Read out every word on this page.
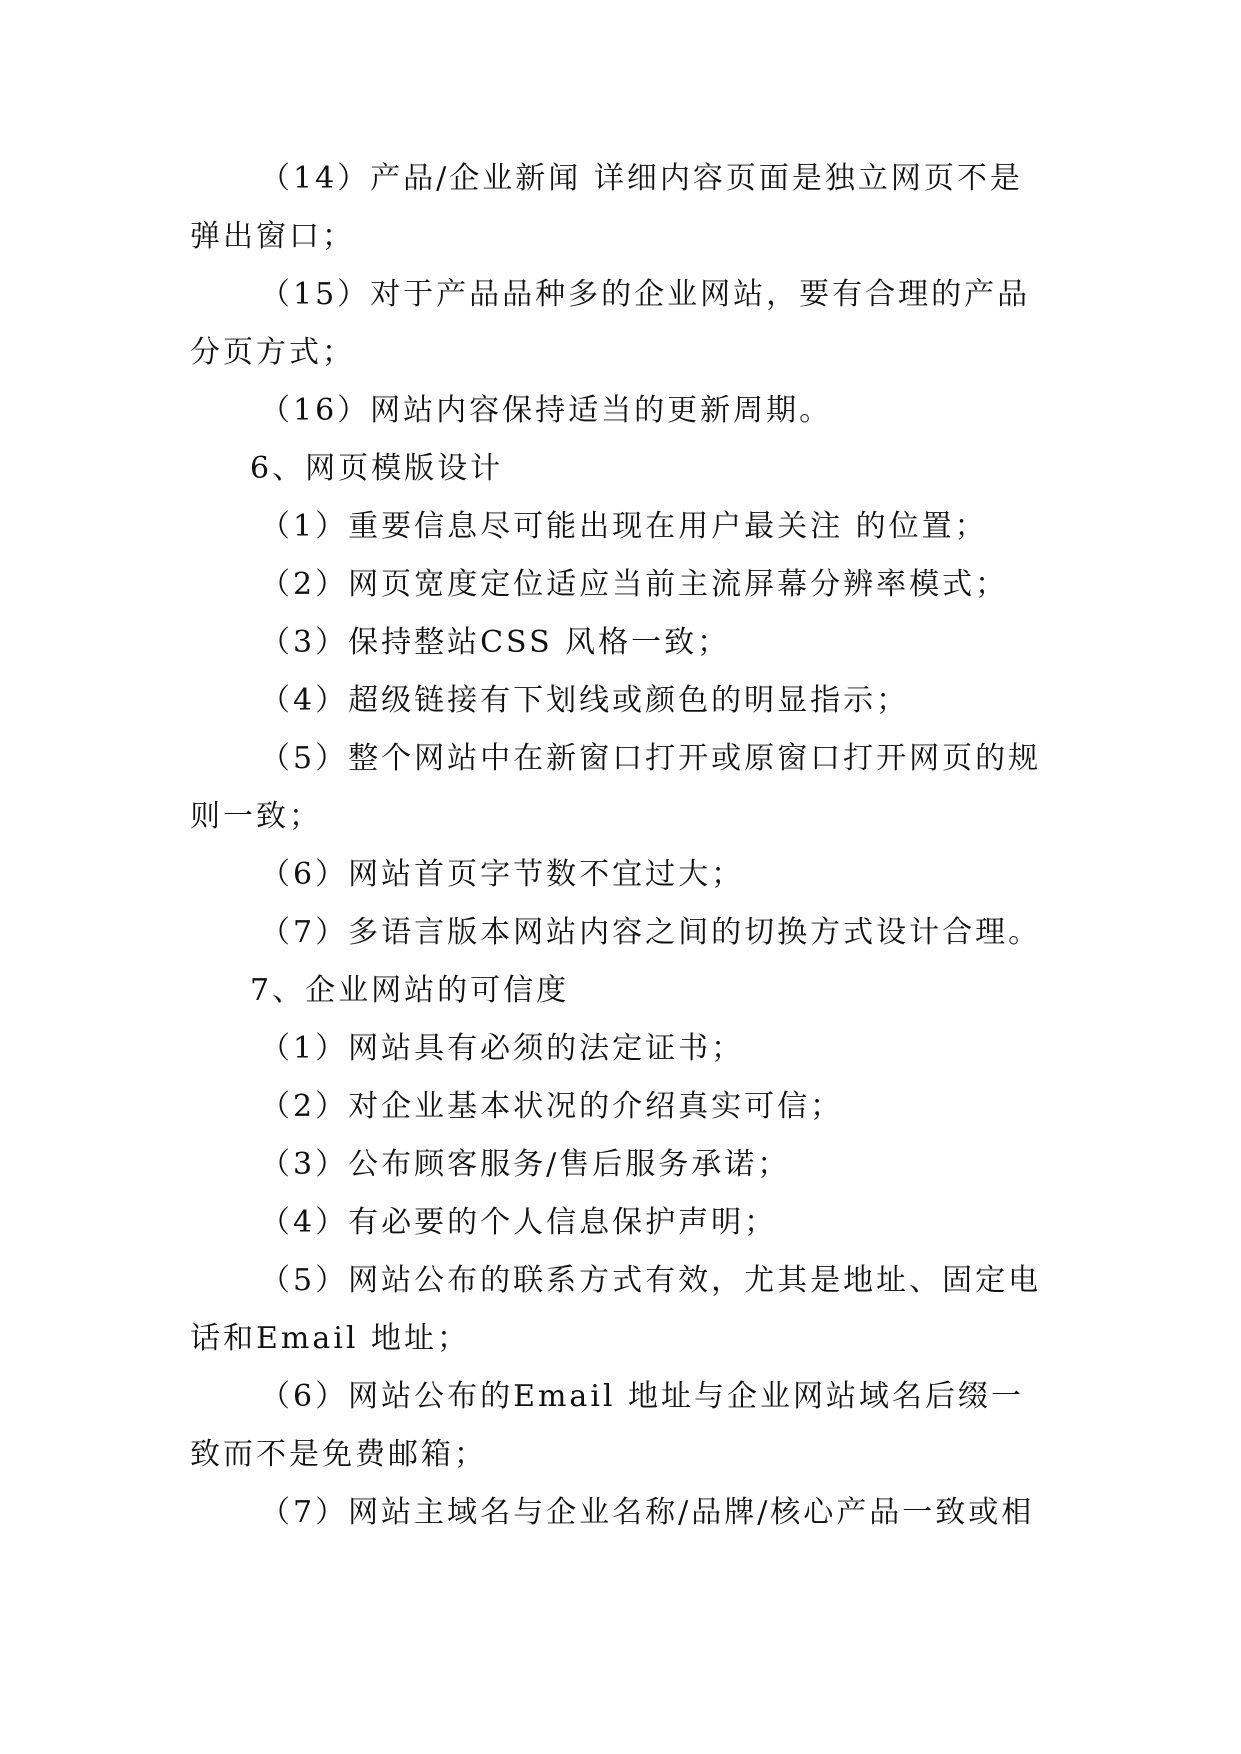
（14）产品/企业新闻 详细内容页面是独立网页不是弹出窗口；

（15）对于产品品种多的企业网站，要有合理的产品分页方式；

（16）网站内容保持适当的更新周期。

6、网页模版设计

（1）重要信息尽可能出现在用户最关注 的位置；

（2）网页宽度定位适应当前主流屏幕分辨率模式；

（3）保持整站CSS 风格一致；

（4）超级链接有下划线或颜色的明显指示；

（5）整个网站中在新窗口打开或原窗口打开网页的规则一致；

（6）网站首页字节数不宜过大；

（7）多语言版本网站内容之间的切换方式设计合理。

7、企业网站的可信度

（1）网站具有必须的法定证书；

（2）对企业基本状况的介绍真实可信；

（3）公布顾客服务/售后服务承诺；

（4）有必要的个人信息保护声明；

（5）网站公布的联系方式有效，尤其是地址、固定电话和Email 地址；

（6）网站公布的Email 地址与企业网站域名后缀一致而不是免费邮箱；

（7）网站主域名与企业名称/品牌/核心产品一致或相
